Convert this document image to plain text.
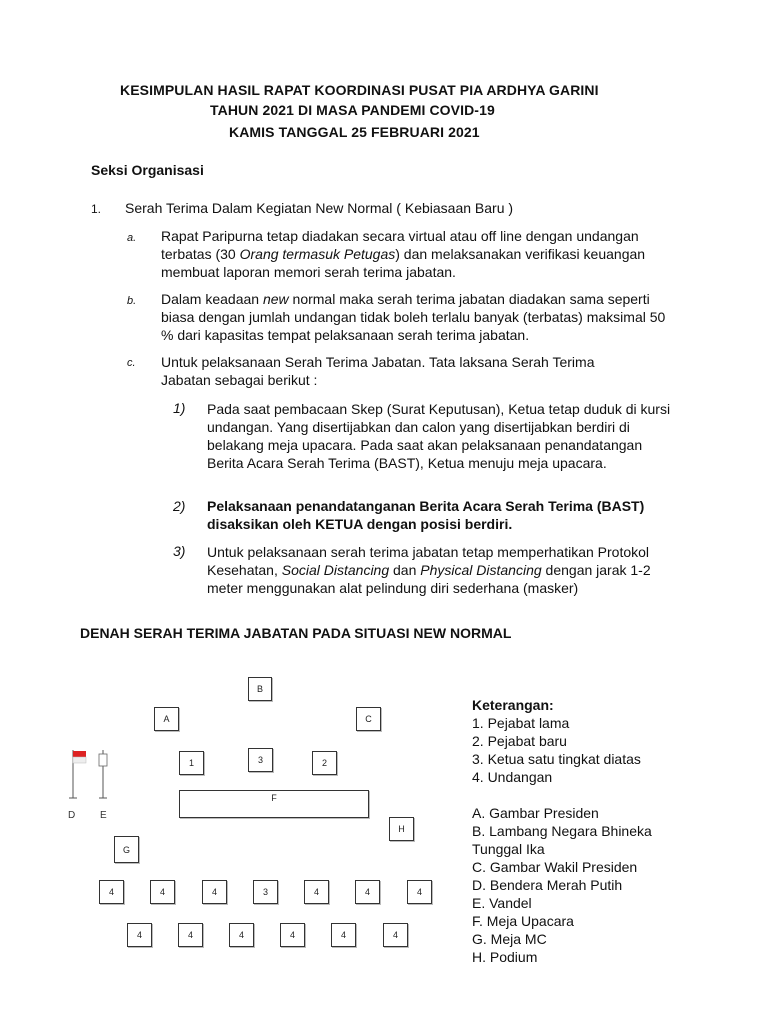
KESIMPULAN HASIL RAPAT KOORDINASI PUSAT PIA ARDHYA GARINI
TAHUN 2021 DI MASA PANDEMI COVID-19
KAMIS TANGGAL 25 FEBRUARI 2021
Seksi Organisasi
1. Serah Terima Dalam Kegiatan New Normal ( Kebiasaan Baru )
a. Rapat Paripurna tetap diadakan secara virtual atau off line dengan undangan terbatas (30 Orang termasuk Petugas) dan melaksanakan verifikasi keuangan membuat laporan memori serah terima jabatan.
b. Dalam keadaan new normal maka serah terima jabatan diadakan sama seperti biasa dengan jumlah undangan tidak boleh terlalu banyak (terbatas) maksimal 50 % dari kapasitas tempat pelaksanaan serah terima jabatan.
c. Untuk pelaksanaan Serah Terima Jabatan. Tata laksana Serah Terima Jabatan sebagai berikut :
1) Pada saat pembacaan Skep (Surat Keputusan), Ketua tetap duduk di kursi undangan. Yang disertijabkan dan calon yang disertijabkan berdiri di belakang meja upacara. Pada saat akan pelaksanaan penandatangan Berita Acara Serah Terima (BAST), Ketua menuju meja upacara.
2) Pelaksanaan penandatanganan Berita Acara Serah Terima (BAST) disaksikan oleh KETUA dengan posisi berdiri.
3) Untuk pelaksanaan serah terima jabatan tetap memperhatikan Protokol Kesehatan, Social Distancing dan Physical Distancing dengan jarak 1-2 meter menggunakan alat pelindung diri sederhana (masker)
DENAH SERAH TERIMA JABATAN PADA SITUASI NEW NORMAL
B
A	C
1	3	2
F
H
G
D E
4	4	4	3	4	4	4
4	4	4	4	4	4
Keterangan:
1. Pejabat lama
2. Pejabat baru
3. Ketua satu tingkat diatas
4. Undangan
A. Gambar Presiden
B. Lambang Negara Bhineka
Tunggal Ika
C. Gambar Wakil Presiden
D. Bendera Merah Putih
E. Vandel
F. Meja Upacara
G. Meja MC
H. Podium
